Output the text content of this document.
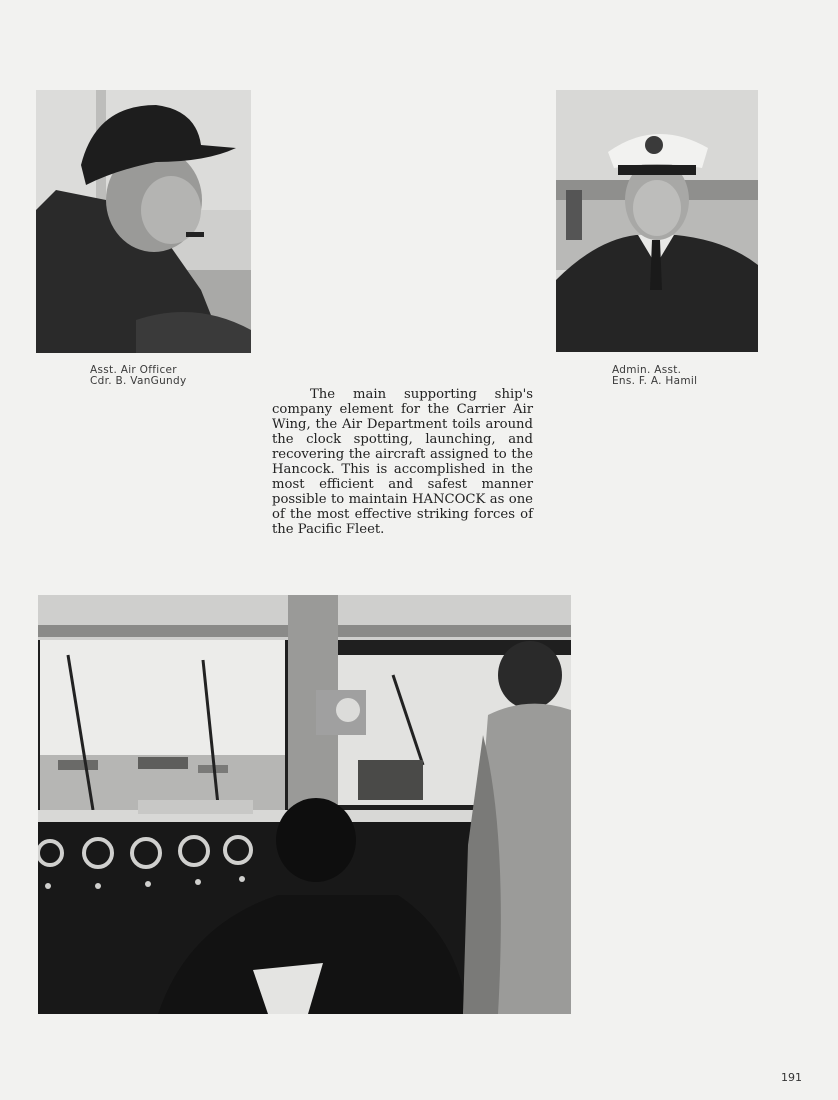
Asst. Air Officer
Cdr. B. VanGundy
Admin. Asst.
Ens. F. A. Hamil

The main supporting ship's company element for the Carrier Air Wing, the Air Department toils around the clock spotting, launching, and recovering the aircraft assigned to the Hancock. This is accomplished in the most efficient and safest manner possible to maintain HANCOCK as one of the most effective striking forces of the Pacific Fleet.

191
